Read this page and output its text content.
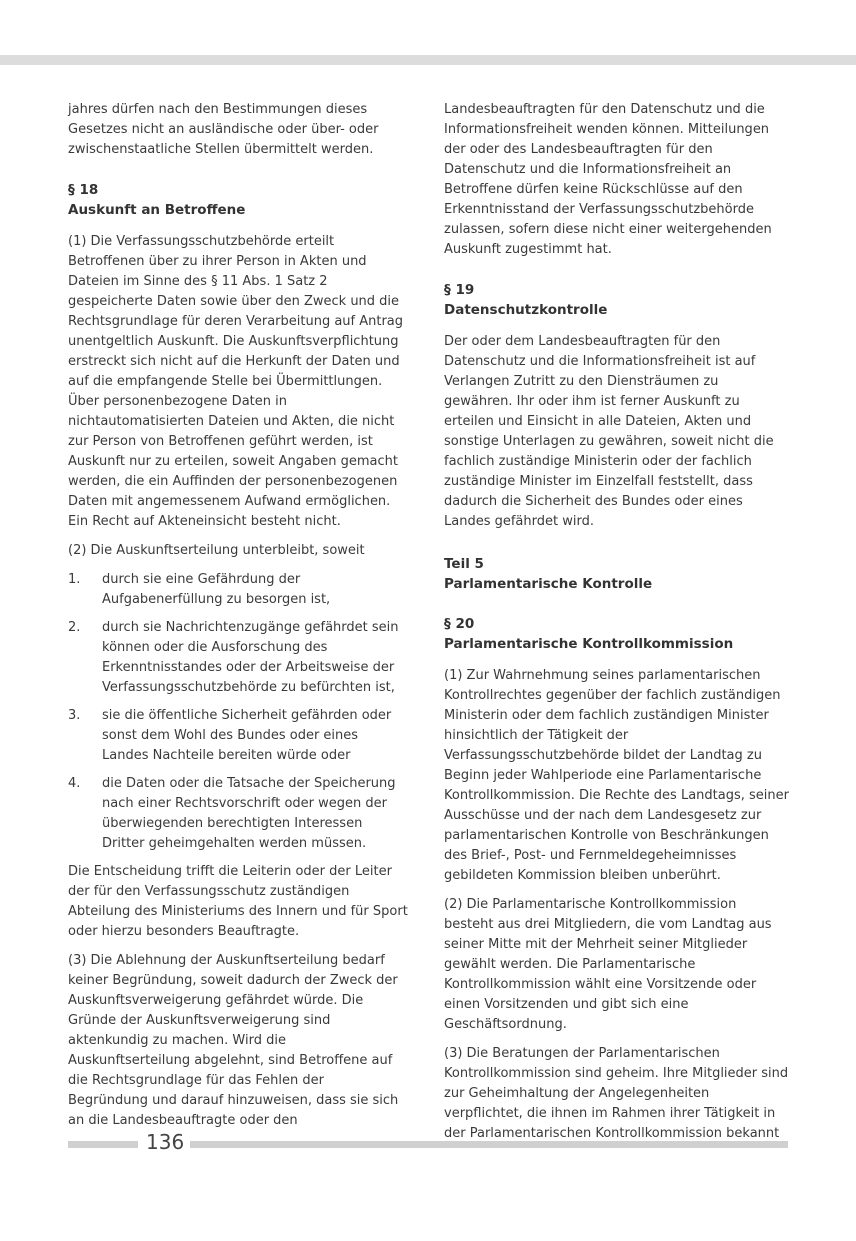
jahres dürfen nach den Bestimmungen dieses Gesetzes nicht an ausländische oder über- oder zwischenstaatliche Stellen übermittelt werden.

§ 18
Auskunft an Betroffene

(1) Die Verfassungsschutzbehörde erteilt Betroffenen über zu ihrer Person in Akten und Dateien im Sinne des § 11 Abs. 1 Satz 2 gespeicherte Daten sowie über den Zweck und die Rechtsgrundlage für deren Verarbeitung auf Antrag unentgeltlich Auskunft. Die Auskunftsverpflichtung erstreckt sich nicht auf die Herkunft der Daten und auf die empfangende Stelle bei Übermittlungen. Über personenbezogene Daten in nichtautomatisierten Dateien und Akten, die nicht zur Person von Betroffenen geführt werden, ist Auskunft nur zu erteilen, soweit Angaben gemacht werden, die ein Auffinden der personenbezogenen Daten mit angemessenem Aufwand ermöglichen. Ein Recht auf Akteneinsicht besteht nicht.

(2) Die Auskunftserteilung unterbleibt, soweit

1.	durch sie eine Gefährdung der Aufgabenerfüllung zu besorgen ist,
2.	durch sie Nachrichtenzugänge gefährdet sein können oder die Ausforschung des Erkenntnisstandes oder der Arbeitsweise der Verfassungsschutzbehörde zu befürchten ist,
3.	sie die öffentliche Sicherheit gefährden oder sonst dem Wohl des Bundes oder eines Landes Nachteile bereiten würde oder
4.	die Daten oder die Tatsache der Speicherung nach einer Rechtsvorschrift oder wegen der überwiegenden berechtigten Interessen Dritter geheimgehalten werden müssen.

Die Entscheidung trifft die Leiterin oder der Leiter der für den Verfassungsschutz zuständigen Abteilung des Ministeriums des Innern und für Sport oder hierzu besonders Beauftragte.

(3) Die Ablehnung der Auskunftserteilung bedarf keiner Begründung, soweit dadurch der Zweck der Auskunftsverweigerung gefährdet würde. Die Gründe der Auskunftsverweigerung sind aktenkundig zu machen. Wird die Auskunftserteilung abgelehnt, sind Betroffene auf die Rechtsgrundlage für das Fehlen der Begründung und darauf hinzuweisen, dass sie sich an die Landesbeauftragte oder den

Landesbeauftragten für den Datenschutz und die Informationsfreiheit wenden können. Mitteilungen der oder des Landesbeauftragten für den Datenschutz und die Informationsfreiheit an Betroffene dürfen keine Rückschlüsse auf den Erkenntnisstand der Verfassungsschutzbehörde zulassen, sofern diese nicht einer weitergehenden Auskunft zugestimmt hat.

§ 19
Datenschutzkontrolle

Der oder dem Landesbeauftragten für den Datenschutz und die Informationsfreiheit ist auf Verlangen Zutritt zu den Diensträumen zu gewähren. Ihr oder ihm ist ferner Auskunft zu erteilen und Einsicht in alle Dateien, Akten und sonstige Unterlagen zu gewähren, soweit nicht die fachlich zuständige Ministerin oder der fachlich zuständige Minister im Einzelfall feststellt, dass dadurch die Sicherheit des Bundes oder eines Landes gefährdet wird.

Teil 5
Parlamentarische Kontrolle
§ 20
Parlamentarische Kontrollkommission

(1) Zur Wahrnehmung seines parlamentarischen Kontrollrechtes gegenüber der fachlich zuständigen Ministerin oder dem fachlich zuständigen Minister hinsichtlich der Tätigkeit der Verfassungsschutzbehörde bildet der Landtag zu Beginn jeder Wahlperiode eine Parlamentarische Kontrollkommission. Die Rechte des Landtags, seiner Ausschüsse und der nach dem Landesgesetz zur parlamentarischen Kontrolle von Beschränkungen des Brief-, Post- und Fernmeldegeheimnisses gebildeten Kommission bleiben unberührt.

(2) Die Parlamentarische Kontrollkommission besteht aus drei Mitgliedern, die vom Landtag aus seiner Mitte mit der Mehrheit seiner Mitglieder gewählt werden. Die Parlamentarische Kontrollkommission wählt eine Vorsitzende oder einen Vorsitzenden und gibt sich eine Geschäftsordnung.

(3) Die Beratungen der Parlamentarischen Kontrollkommission sind geheim. Ihre Mitglieder sind zur Geheimhaltung der Angelegenheiten verpflichtet, die ihnen im Rahmen ihrer Tätigkeit in der Parlamentarischen Kontrollkommission bekannt

136
